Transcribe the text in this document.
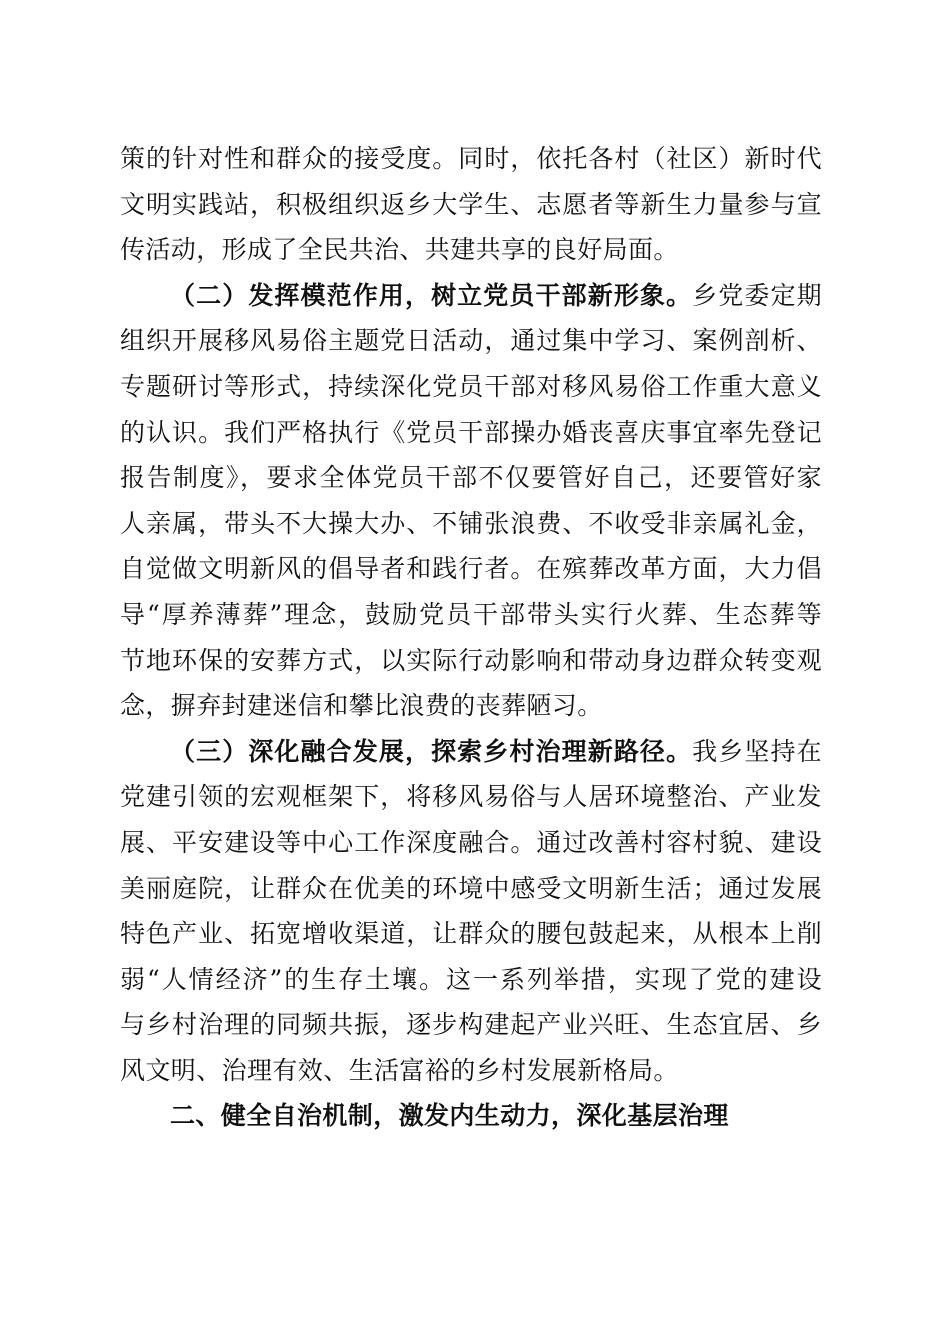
策的针对性和群众的接受度。同时，依托各村（社区）新时代
文明实践站，积极组织返乡大学生、志愿者等新生力量参与宣
传活动，形成了全民共治、共建共享的良好局面。
（二）发挥模范作用，树立党员干部新形象。乡党委定期
组织开展移风易俗主题党日活动，通过集中学习、案例剖析、
专题研讨等形式，持续深化党员干部对移风易俗工作重大意义
的认识。我们严格执行《党员干部操办婚丧喜庆事宜率先登记
报告制度》，要求全体党员干部不仅要管好自己，还要管好家
人亲属，带头不大操大办、不铺张浪费、不收受非亲属礼金，
自觉做文明新风的倡导者和践行者。在殡葬改革方面，大力倡
导“厚养薄葬”理念，鼓励党员干部带头实行火葬、生态葬等
节地环保的安葬方式，以实际行动影响和带动身边群众转变观
念，摒弃封建迷信和攀比浪费的丧葬陋习。
（三）深化融合发展，探索乡村治理新路径。我乡坚持在
党建引领的宏观框架下，将移风易俗与人居环境整治、产业发
展、平安建设等中心工作深度融合。通过改善村容村貌、建设
美丽庭院，让群众在优美的环境中感受文明新生活；通过发展
特色产业、拓宽增收渠道，让群众的腰包鼓起来，从根本上削
弱“人情经济”的生存土壤。这一系列举措，实现了党的建设
与乡村治理的同频共振，逐步构建起产业兴旺、生态宜居、乡
风文明、治理有效、生活富裕的乡村发展新格局。
二、健全自治机制，激发内生动力，深化基层治理
